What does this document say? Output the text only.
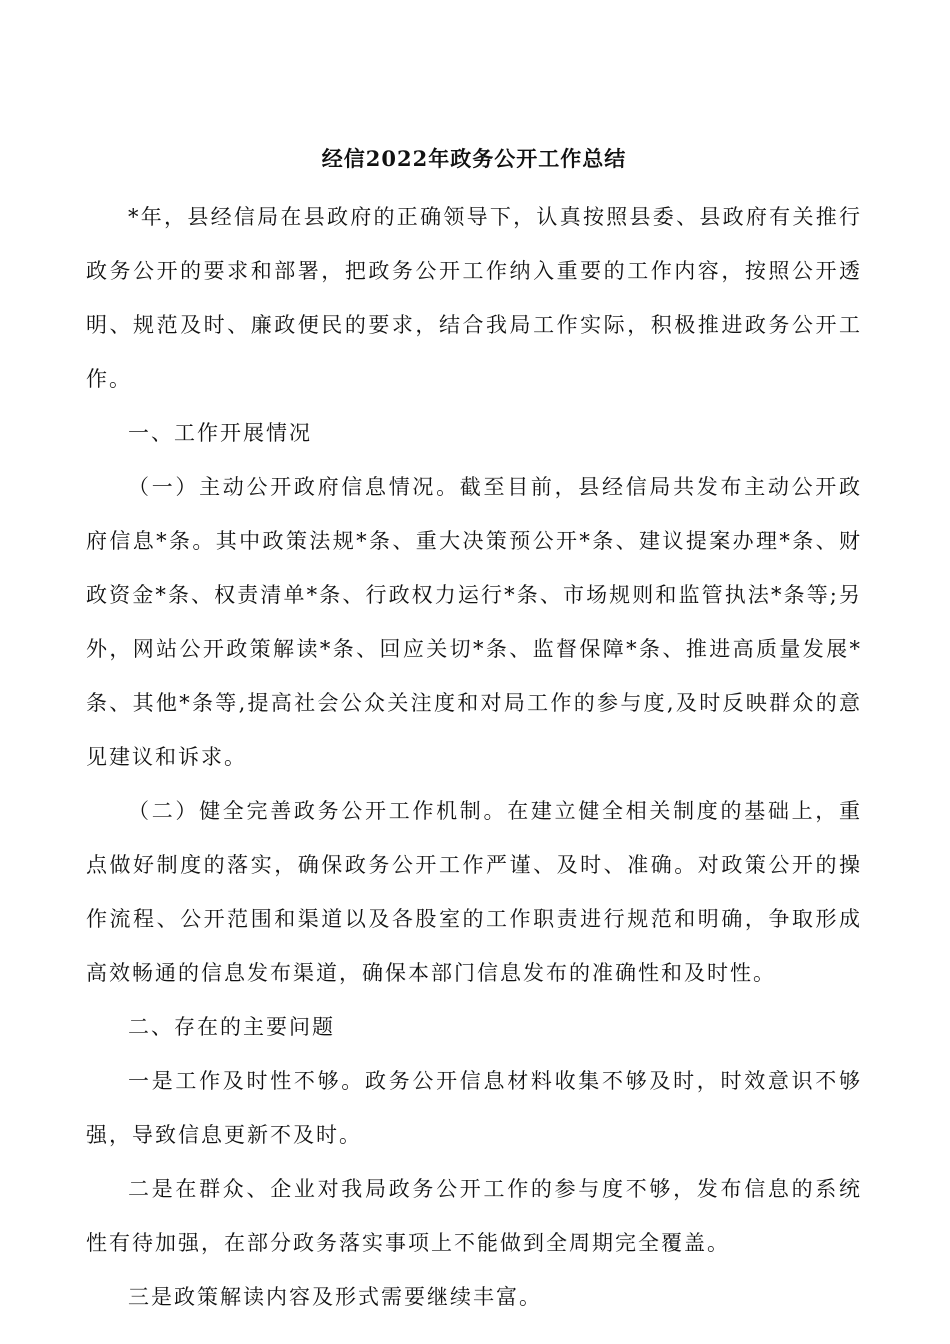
经信2022年政务公开工作总结

*年，县经信局在县政府的正确领导下，认真按照县委、县政府有关推行政务公开的要求和部署，把政务公开工作纳入重要的工作内容，按照公开透明、规范及时、廉政便民的要求，结合我局工作实际，积极推进政务公开工作。

一、工作开展情况

（一）主动公开政府信息情况。截至目前，县经信局共发布主动公开政府信息*条。其中政策法规*条、重大决策预公开*条、建议提案办理*条、财政资金*条、权责清单*条、行政权力运行*条、市场规则和监管执法*条等;另外，网站公开政策解读*条、回应关切*条、监督保障*条、推进高质量发展*条、其他*条等,提高社会公众关注度和对局工作的参与度,及时反映群众的意见建议和诉求。

（二）健全完善政务公开工作机制。在建立健全相关制度的基础上，重点做好制度的落实，确保政务公开工作严谨、及时、准确。对政策公开的操作流程、公开范围和渠道以及各股室的工作职责进行规范和明确，争取形成高效畅通的信息发布渠道，确保本部门信息发布的准确性和及时性。

二、存在的主要问题

一是工作及时性不够。政务公开信息材料收集不够及时，时效意识不够强，导致信息更新不及时。

二是在群众、企业对我局政务公开工作的参与度不够，发布信息的系统性有待加强，在部分政务落实事项上不能做到全周期完全覆盖。

三是政策解读内容及形式需要继续丰富。
